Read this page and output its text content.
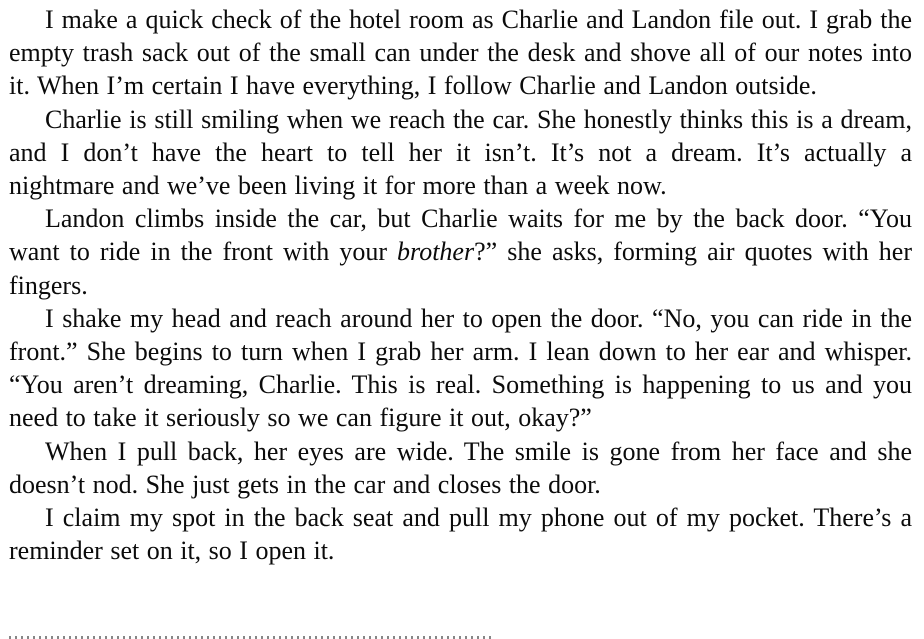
I make a quick check of the hotel room as Charlie and Landon file out. I grab the empty trash sack out of the small can under the desk and shove all of our notes into it. When I’m certain I have everything, I follow Charlie and Landon outside.

Charlie is still smiling when we reach the car. She honestly thinks this is a dream, and I don’t have the heart to tell her it isn’t. It’s not a dream. It’s actually a nightmare and we’ve been living it for more than a week now.

Landon climbs inside the car, but Charlie waits for me by the back door. “You want to ride in the front with your brother?” she asks, forming air quotes with her fingers.

I shake my head and reach around her to open the door. “No, you can ride in the front.” She begins to turn when I grab her arm. I lean down to her ear and whisper. “You aren’t dreaming, Charlie. This is real. Something is happening to us and you need to take it seriously so we can figure it out, okay?”

When I pull back, her eyes are wide. The smile is gone from her face and she doesn’t nod. She just gets in the car and closes the door.

I claim my spot in the back seat and pull my phone out of my pocket. There’s a reminder set on it, so I open it.
